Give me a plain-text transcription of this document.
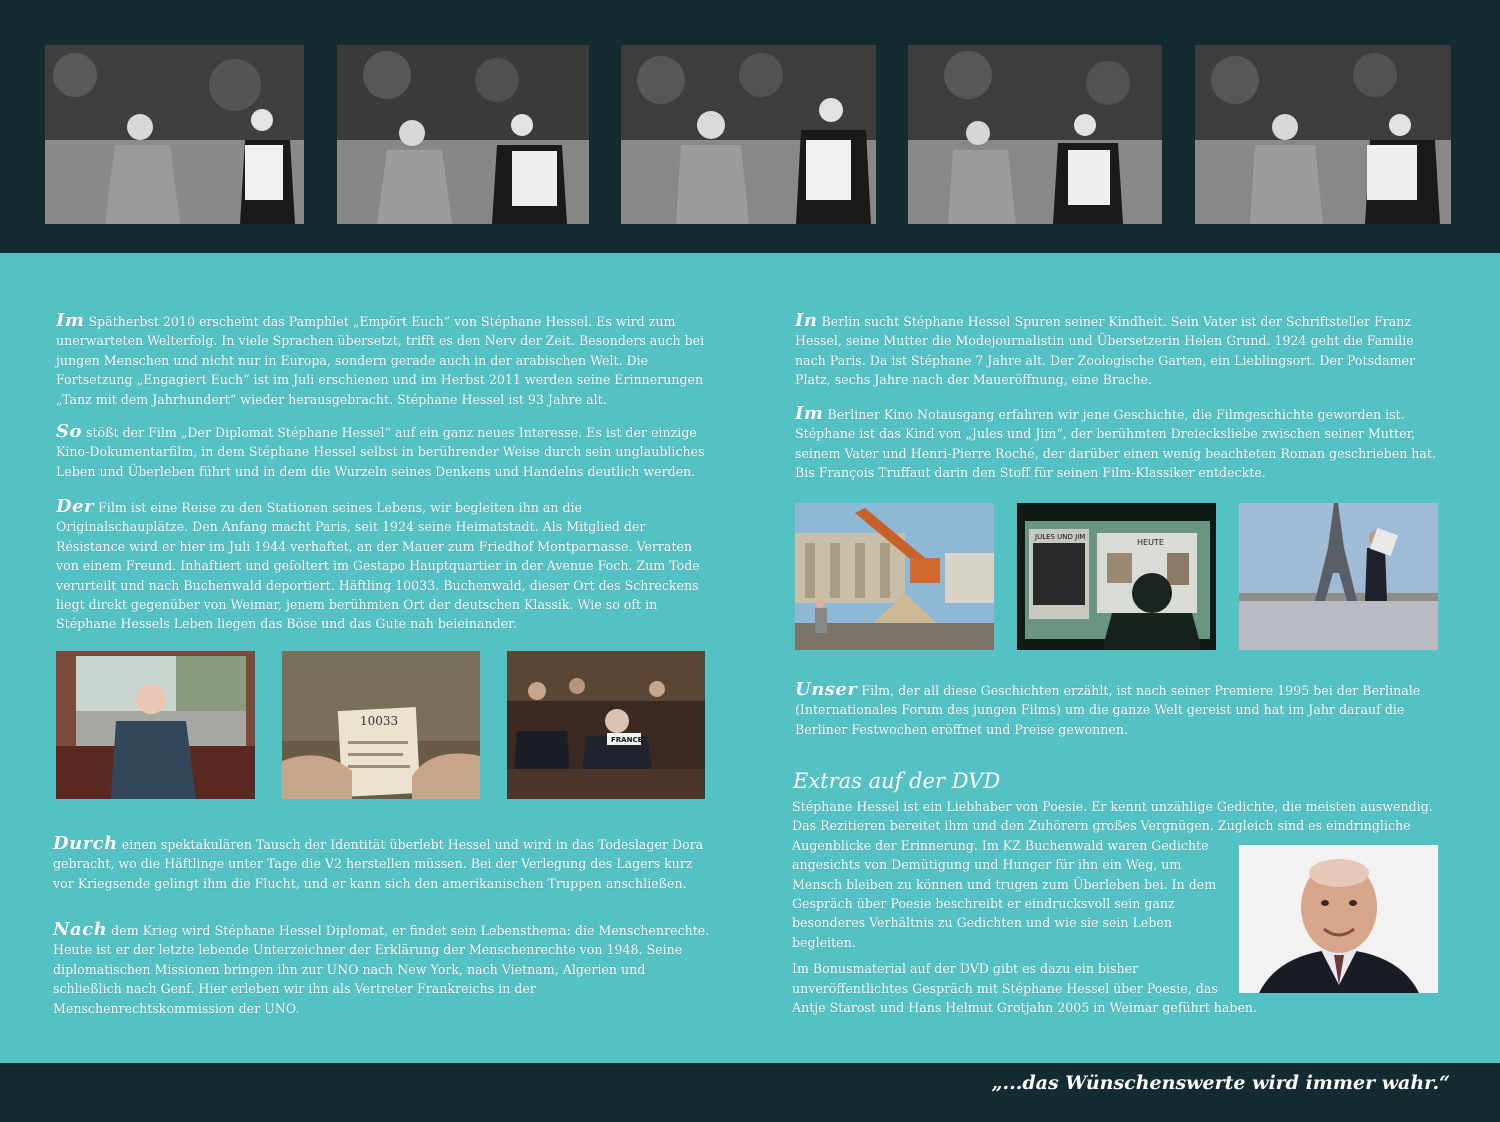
Im Spätherbst 2010 erscheint das Pamphlet „Empört Euch“ von Stéphane Hessel. Es wird zum unerwarteten Welterfolg. In viele Sprachen übersetzt, trifft es den Nerv der Zeit. Besonders auch bei jungen Menschen und nicht nur in Europa, sondern gerade auch in der arabischen Welt. Die Fortsetzung „Engagiert Euch“ ist im Juli erschienen und im Herbst 2011 werden seine Erinnerungen „Tanz mit dem Jahrhundert“ wieder herausgebracht. Stéphane Hessel ist 93 Jahre alt.

So stößt der Film „Der Diplomat Stéphane Hessel“ auf ein ganz neues Interesse. Es ist der einzige Kino-Dokumentarfilm, in dem Stéphane Hessel selbst in berührender Weise durch sein unglaubliches Leben und Überleben führt und in dem die Wurzeln seines Denkens und Handelns deutlich werden.

Der Film ist eine Reise zu den Stationen seines Lebens, wir begleiten ihn an die Originalschauplätze. Den Anfang macht Paris, seit 1924 seine Heimatstadt. Als Mitglied der Résistance wird er hier im Juli 1944 verhaftet, an der Mauer zum Friedhof Montparnasse. Verraten von einem Freund. Inhaftiert und gefoltert im Gestapo Hauptquartier in der Avenue Foch. Zum Tode verurteilt und nach Buchenwald deportiert. Häftling 10033. Buchenwald, dieser Ort des Schreckens liegt direkt gegenüber von Weimar, jenem berühmten Ort der deutschen Klassik. Wie so oft in Stéphane Hessels Leben liegen das Böse und das Gute nah beieinander.

10033
FRANCE

Durch einen spektakulären Tausch der Identität überlebt Hessel und wird in das Todeslager Dora gebracht, wo die Häftlinge unter Tage die V2 herstellen müssen. Bei der Verlegung des Lagers kurz vor Kriegsende gelingt ihm die Flucht, und er kann sich den amerikanischen Truppen anschließen.

Nach dem Krieg wird Stéphane Hessel Diplomat, er findet sein Lebensthema: die Menschenrechte. Heute ist er der letzte lebende Unterzeichner der Erklärung der Menschenrechte von 1948. Seine diplomatischen Missionen bringen ihn zur UNO nach New York, nach Vietnam, Algerien und schließlich nach Genf. Hier erleben wir ihn als Vertreter Frankreichs in der Menschenrechtskommission der UNO.

In Berlin sucht Stéphane Hessel Spuren seiner Kindheit. Sein Vater ist der Schriftsteller Franz Hessel, seine Mutter die Modejournalistin und Übersetzerin Helen Grund. 1924 geht die Familie nach Paris. Da ist Stéphane 7 Jahre alt. Der Zoologische Garten, ein Lieblingsort. Der Potsdamer Platz, sechs Jahre nach der Maueröffnung, eine Brache.

Im Berliner Kino Notausgang erfahren wir jene Geschichte, die Filmgeschichte geworden ist. Stéphane ist das Kind von „Jules und Jim“, der berühmten Dreiecksliebe zwischen seiner Mutter, seinem Vater und Henri-Pierre Roché, der darüber einen wenig beachteten Roman geschrieben hat. Bis François Truffaut darin den Stoff für seinen Film-Klassiker entdeckte.

JULES UND JIM
HEUTE

Unser Film, der all diese Geschichten erzählt, ist nach seiner Premiere 1995 bei der Berlinale (Internationales Forum des jungen Films) um die ganze Welt gereist und hat im Jahr darauf die Berliner Festwochen eröffnet und Preise gewonnen.

Extras auf der DVD

Stéphane Hessel ist ein Liebhaber von Poesie. Er kennt unzählige Gedichte, die meisten auswendig. Das Rezitieren bereitet ihm und den Zuhörern großes Vergnügen. Zugleich sind es eindringliche Augenblicke der Erinnerung. Im KZ Buchenwald waren Gedichte angesichts von Demütigung und Hunger für ihn ein Weg, um Mensch bleiben zu können und trugen zum Überleben bei. In dem Gespräch über Poesie beschreibt er eindrucksvoll sein ganz besonderes Verhältnis zu Gedichten und wie sie sein Leben begleiten.

Im Bonusmaterial auf der DVD gibt es dazu ein bisher unveröffentlichtes Gespräch mit Stéphane Hessel über Poesie, das Antje Starost und Hans Helmut Grotjahn 2005 in Weimar geführt haben.

„...das Wünschenswerte wird immer wahr.“
